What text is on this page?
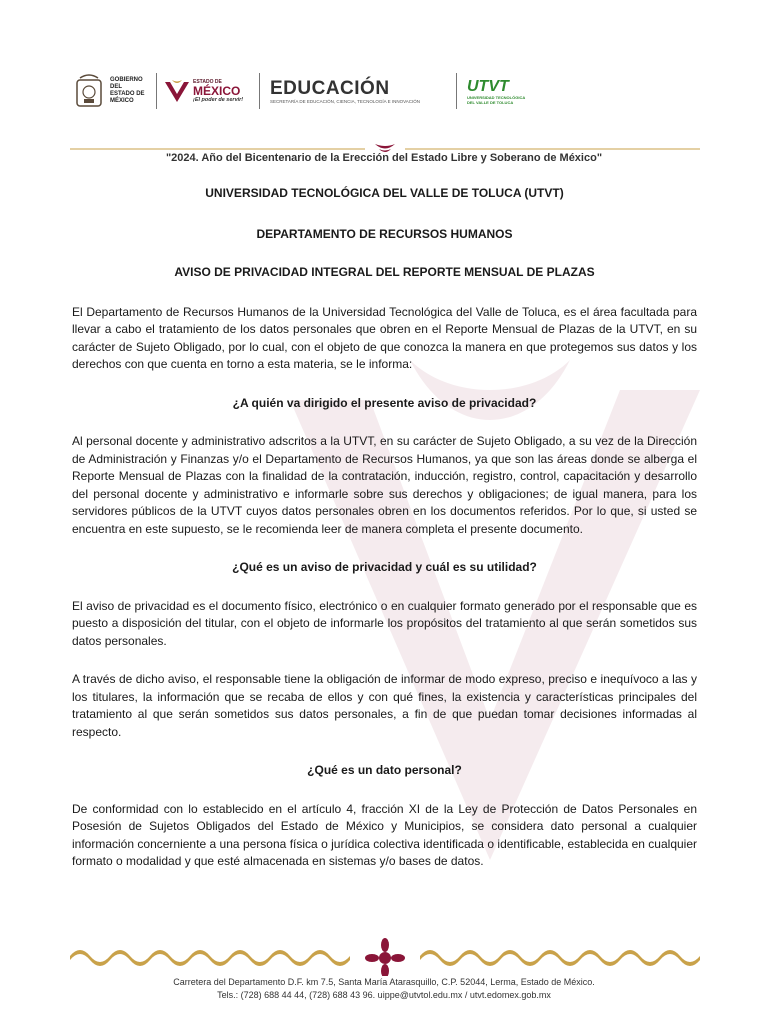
GOBIERNO DEL
ESTADO DE
MÉXICO
ESTADO DE
MÉXICO
¡El poder de servir!
EDUCACIÓN
SECRETARÍA DE EDUCACIÓN, CIENCIA, TECNOLOGÍA E INNOVACIÓN
UTVT
UNIVERSIDAD TECNOLÓGICA
DEL VALLE DE TOLUCA
"2024. Año del Bicentenario de la Erección del Estado Libre y Soberano de México"

UNIVERSIDAD TECNOLÓGICA DEL VALLE DE TOLUCA (UTVT)

DEPARTAMENTO DE RECURSOS HUMANOS

AVISO DE PRIVACIDAD INTEGRAL DEL REPORTE MENSUAL DE PLAZAS

El Departamento de Recursos Humanos de la Universidad Tecnológica del Valle de Toluca, es el área facultada para llevar a cabo el tratamiento de los datos personales que obren en el Reporte Mensual de Plazas de la UTVT, en su carácter de Sujeto Obligado, por lo cual, con el objeto de que conozca la manera en que protegemos sus datos y los derechos con que cuenta en torno a esta materia, se le informa:

¿A quién va dirigido el presente aviso de privacidad?

Al personal docente y administrativo adscritos a la UTVT, en su carácter de Sujeto Obligado, a su vez de la Dirección de Administración y Finanzas y/o el Departamento de Recursos Humanos, ya que son las áreas donde se alberga el Reporte Mensual de Plazas con la finalidad de la contratación, inducción, registro, control, capacitación y desarrollo del personal docente y administrativo e informarle sobre sus derechos y obligaciones; de igual manera, para los servidores públicos de la UTVT cuyos datos personales obren en los documentos referidos. Por lo que, si usted se encuentra en este supuesto, se le recomienda leer de manera completa el presente documento.

¿Qué es un aviso de privacidad y cuál es su utilidad?

El aviso de privacidad es el documento físico, electrónico o en cualquier formato generado por el responsable que es puesto a disposición del titular, con el objeto de informarle los propósitos del tratamiento al que serán sometidos sus datos personales.

A través de dicho aviso, el responsable tiene la obligación de informar de modo expreso, preciso e inequívoco a las y los titulares, la información que se recaba de ellos y con qué fines, la existencia y características principales del tratamiento al que serán sometidos sus datos personales, a fin de que puedan tomar decisiones informadas al respecto.

¿Qué es un dato personal?

De conformidad con lo establecido en el artículo 4, fracción XI de la Ley de Protección de Datos Personales en Posesión de Sujetos Obligados del Estado de México y Municipios, se considera dato personal a cualquier información concerniente a una persona física o jurídica colectiva identificada o identificable, establecida en cualquier formato o modalidad y que esté almacenada en sistemas y/o bases de datos.

Carretera del Departamento D.F. km 7.5, Santa María Atarasquillo, C.P. 52044, Lerma, Estado de México.
Tels.: (728) 688 44 44, (728) 688 43 96. uippe@utvtol.edu.mx / utvt.edomex.gob.mx
